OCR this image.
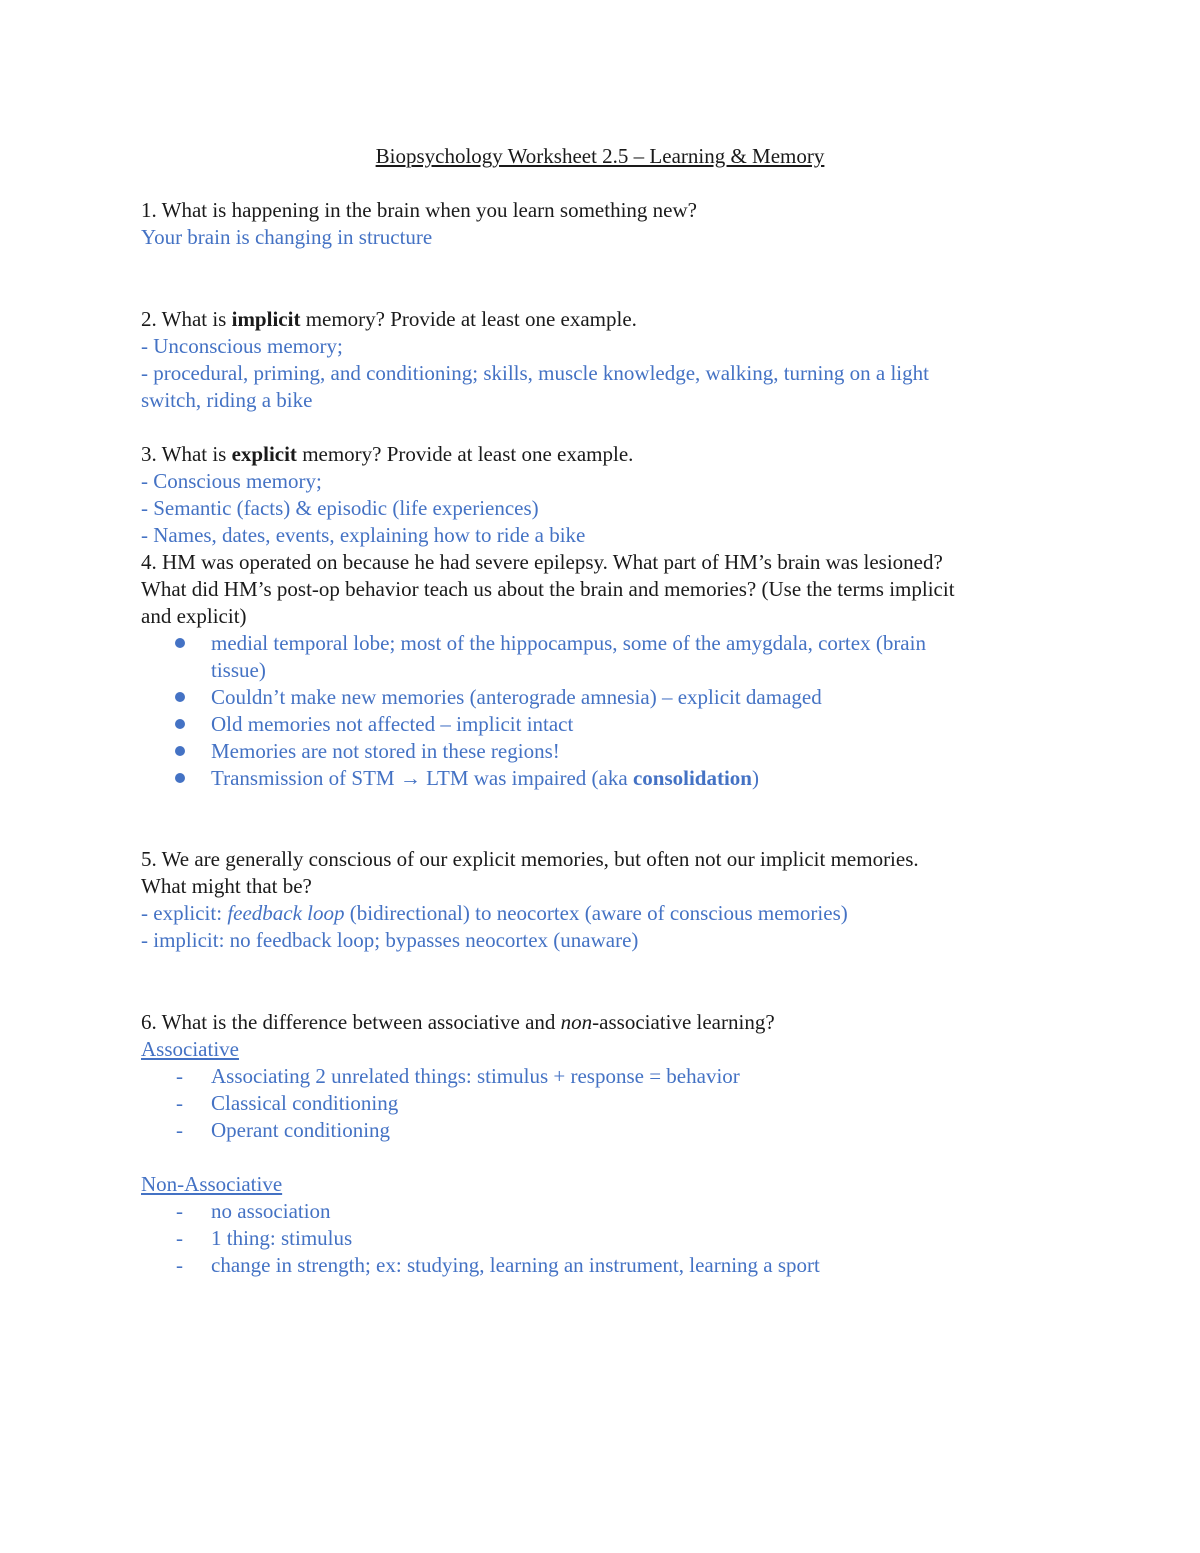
Biopsychology Worksheet 2.5 – Learning & Memory
1. What is happening in the brain when you learn something new?
Your brain is changing in structure
2. What is implicit memory? Provide at least one example.
- Unconscious memory;
- procedural, priming, and conditioning; skills, muscle knowledge, walking, turning on a light
switch, riding a bike
3. What is explicit memory? Provide at least one example.
- Conscious memory;
- Semantic (facts) & episodic (life experiences)
- Names, dates, events, explaining how to ride a bike
4. HM was operated on because he had severe epilepsy. What part of HM’s brain was lesioned?
What did HM’s post-op behavior teach us about the brain and memories? (Use the terms implicit
and explicit)
medial temporal lobe; most of the hippocampus, some of the amygdala, cortex (brain
tissue)
Couldn’t make new memories (anterograde amnesia) – explicit damaged
Old memories not affected – implicit intact
Memories are not stored in these regions!
Transmission of STM → LTM was impaired (aka consolidation)
5. We are generally conscious of our explicit memories, but often not our implicit memories.
What might that be?
- explicit: feedback loop (bidirectional) to neocortex (aware of conscious memories)
- implicit: no feedback loop; bypasses neocortex (unaware)
6. What is the difference between associative and non-associative learning?
Associative
- Associating 2 unrelated things: stimulus + response = behavior
- Classical conditioning
- Operant conditioning
Non-Associative
- no association
- 1 thing: stimulus
- change in strength; ex: studying, learning an instrument, learning a sport
